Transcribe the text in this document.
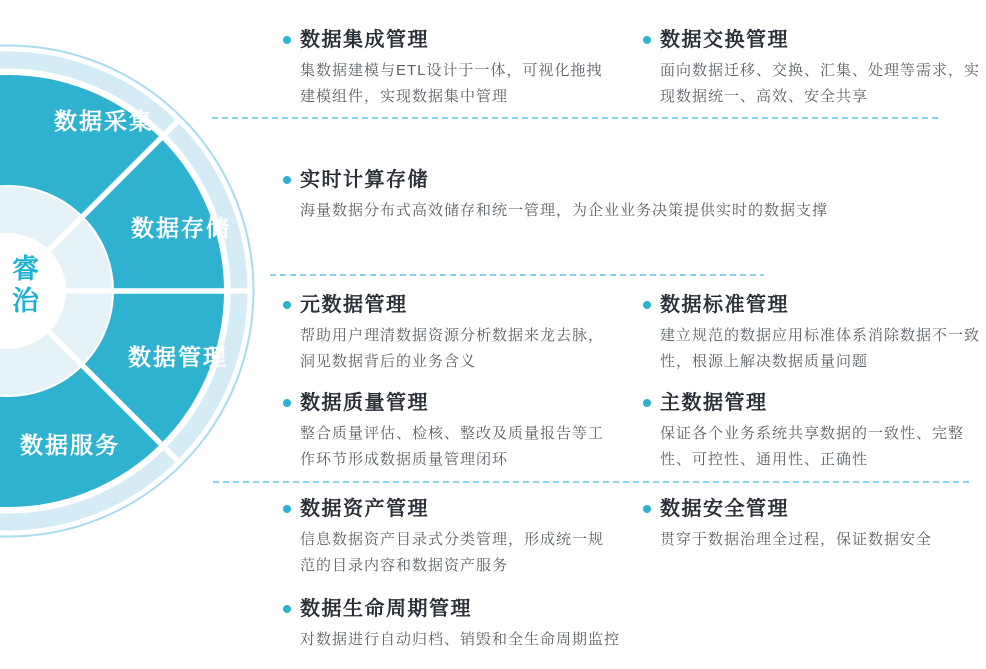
数据采集
数据存储
数据管理
数据服务
睿治
数据集成管理

集数据建模与ETL设计于一体，可视化拖拽建模组件，实现数据集中管理

数据交换管理

面向数据迁移、交换、汇集、处理等需求，实现数据统一、高效、安全共享

实时计算存储

海量数据分布式高效储存和统一管理，为企业业务决策提供实时的数据支撑

元数据管理

帮助用户理清数据资源分析数据来龙去脉，洞见数据背后的业务含义

数据标准管理

建立规范的数据应用标准体系消除数据不一致性，根源上解决数据质量问题

数据质量管理

整合质量评估、检核、整改及质量报告等工作环节形成数据质量管理闭环

主数据管理

保证各个业务系统共享数据的一致性、完整性、可控性、通用性、正确性

数据资产管理

信息数据资产目录式分类管理，形成统一规范的目录内容和数据资产服务

数据安全管理

贯穿于数据治理全过程，保证数据安全

数据生命周期管理

对数据进行自动归档、销毁和全生命周期监控
